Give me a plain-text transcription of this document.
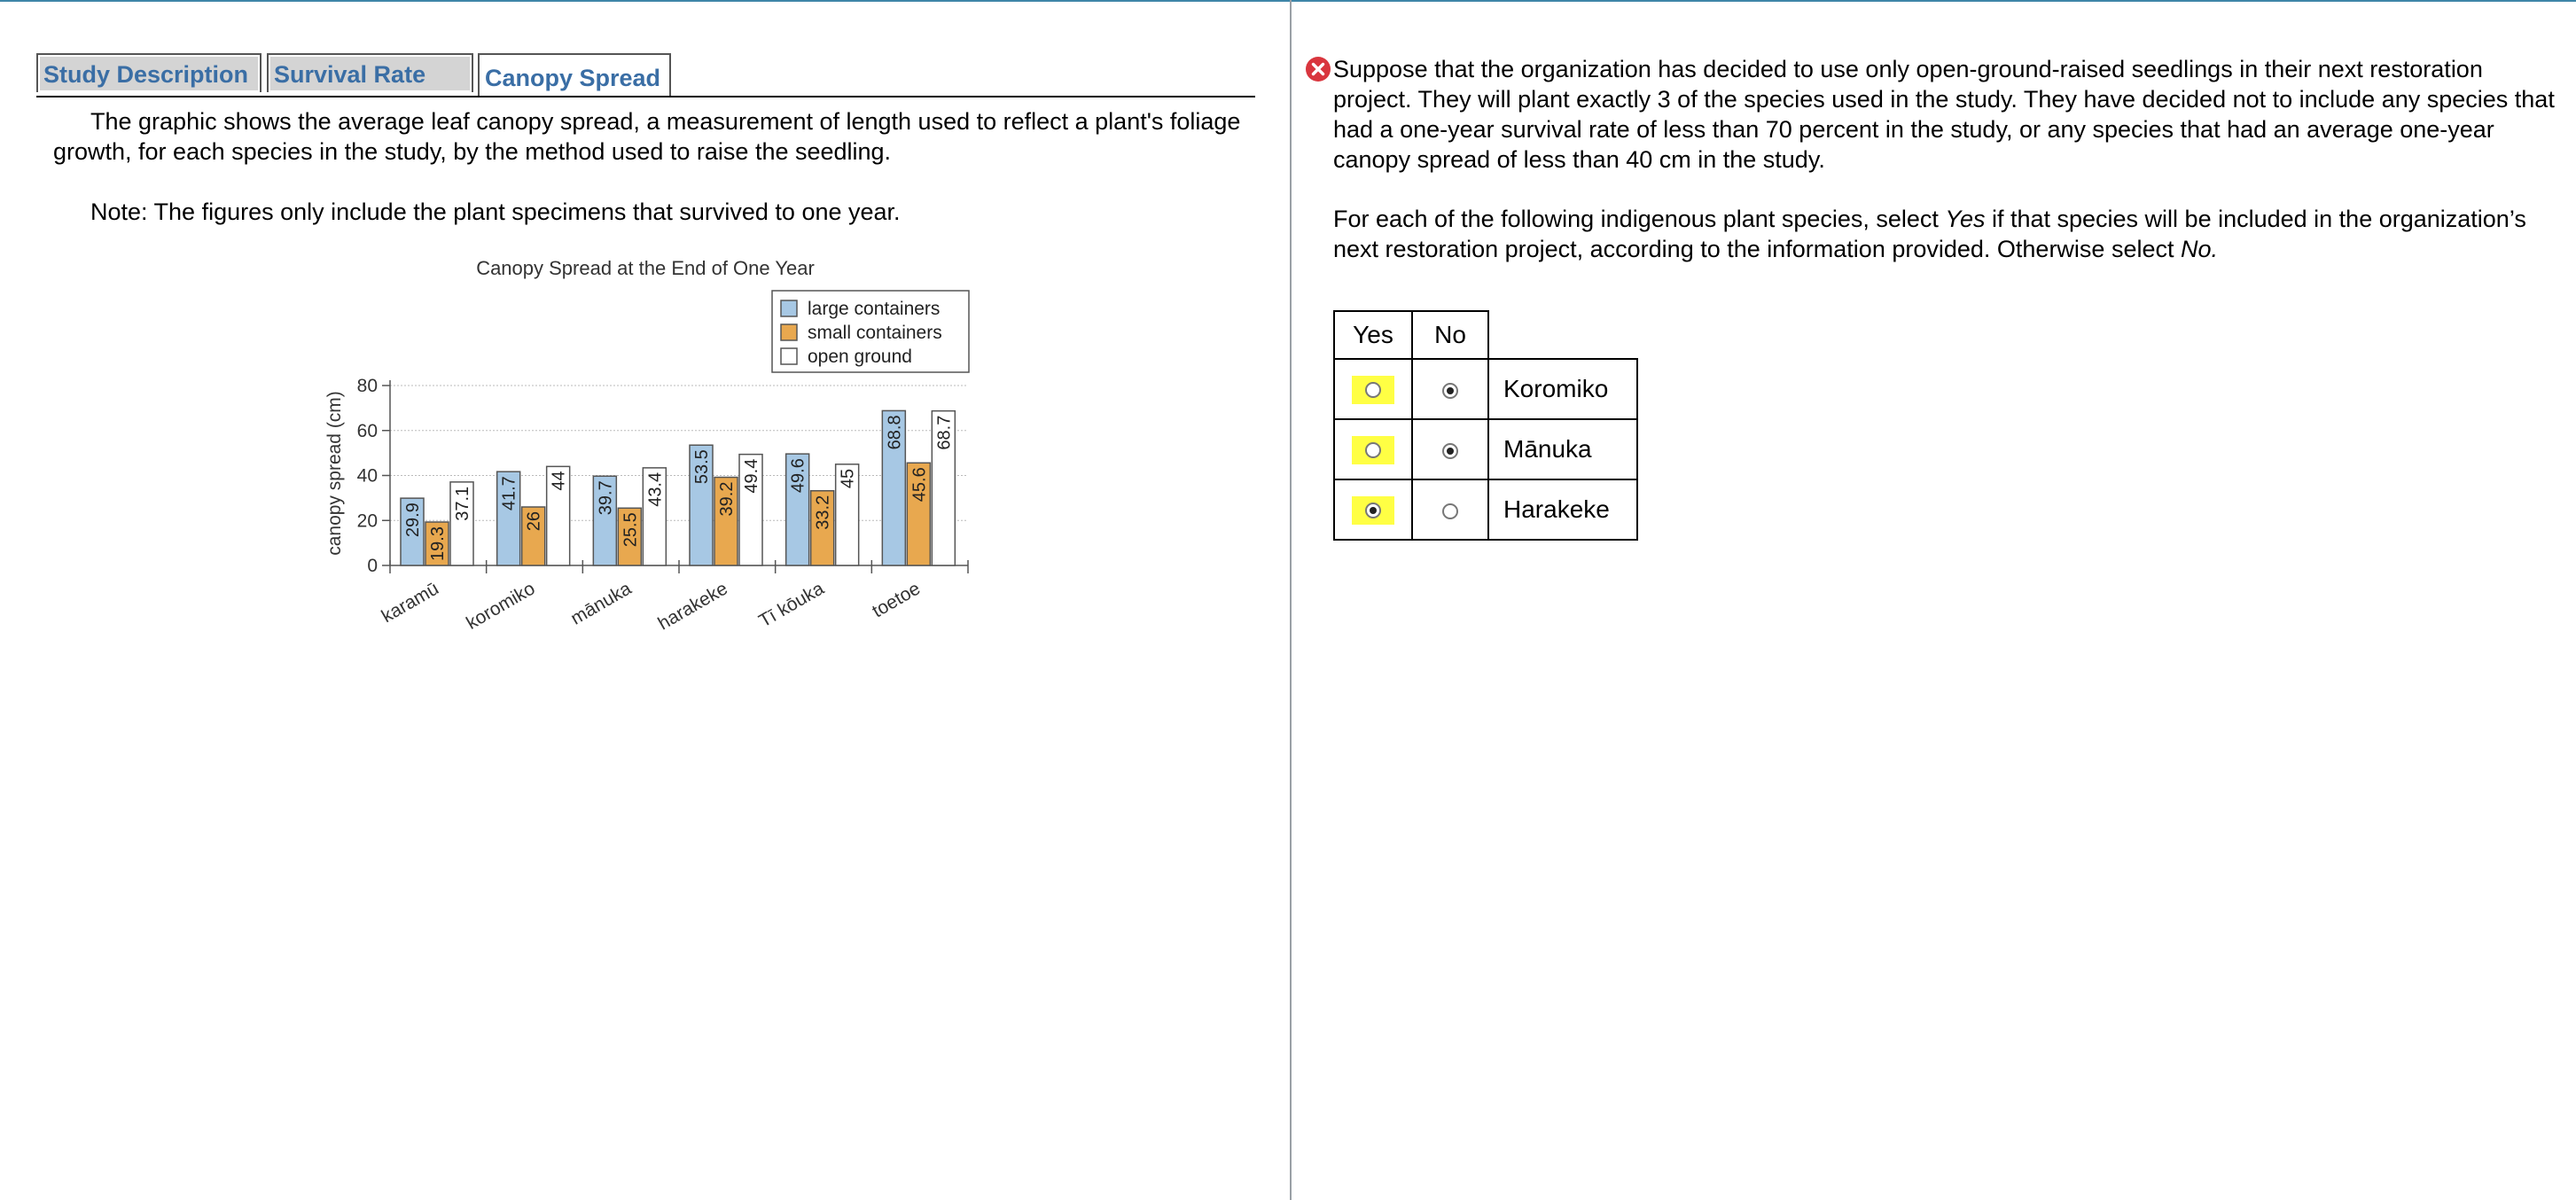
Study Description	Survival Rate	Canopy Spread
The graphic shows the average leaf canopy spread, a measurement of length used to reflect a plant's foliage growth, for each species in the study, by the method used to raise the seedling.
Note: The figures only include the plant specimens that survived to one year.
Canopy Spread at the End of One Year
large containers
small containers
open ground
0
20
40
60
80
karamū koromiko mānuka harakeke Tī kōuka toetoe
29.9
19.3
37.1 41.7
26
44 39.7
25.5
43.4
53.5
39.2
49.4 49.6
33.2
45
68.8
45.6
68.7
canopy spread (cm)
Suppose that the organization has decided to use only open-ground-raised seedlings in their next restoration project. They will plant exactly 3 of the species used in the study. They have decided not to include any species that had a one-year survival rate of less than 70 percent in the study, or any species that had an average one-year canopy spread of less than 40 cm in the study.
For each of the following indigenous plant species, select Yes if that species will be included in the organization’s next restoration project, according to the information provided. Otherwise select No.
Yes	No	

		Koromiko

		Mānuka

		Harakeke
